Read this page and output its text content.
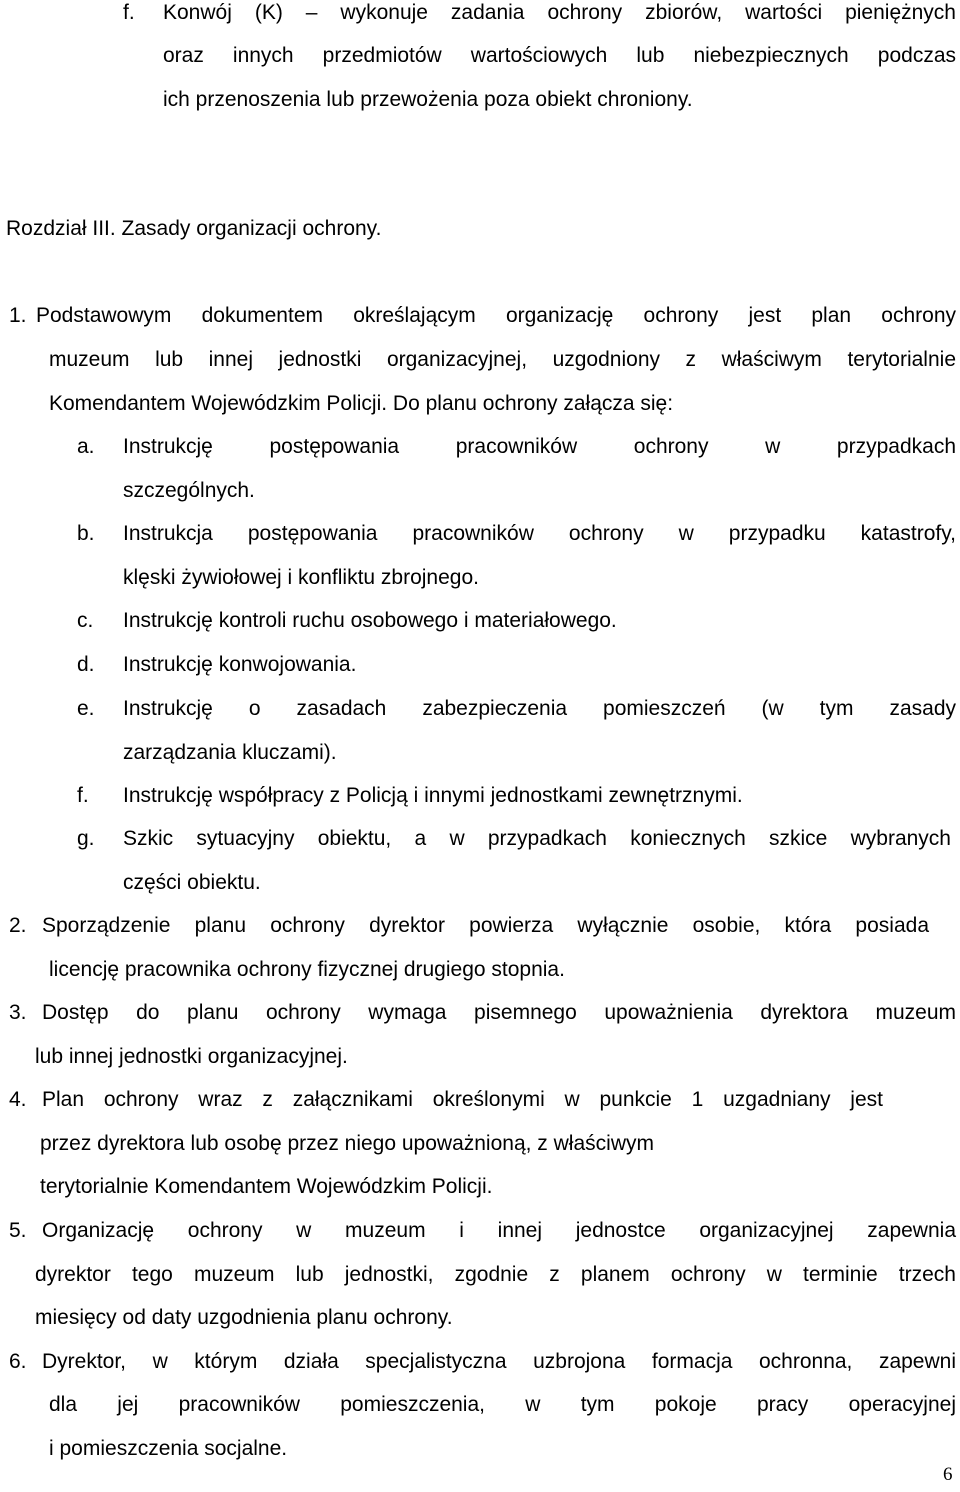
f. Konwój (K) – wykonuje zadania ochrony zbiorów, wartości pieniężnych
oraz innych przedmiotów wartościowych lub niebezpiecznych podczas
ich przenoszenia lub przewożenia poza obiekt chroniony.
Rozdział III. Zasady organizacji ochrony.
1. Podstawowym dokumentem określającym organizację ochrony jest plan ochrony
muzeum lub innej jednostki organizacyjnej, uzgodniony z właściwym terytorialnie
Komendantem Wojewódzkim Policji. Do planu ochrony załącza się:
a. Instrukcję postępowania pracowników ochrony w przypadkach
szczególnych.
b. Instrukcja postępowania pracowników ochrony w przypadku katastrofy,
klęski żywiołowej i konfliktu zbrojnego.
c. Instrukcję kontroli ruchu osobowego i materiałowego.
d. Instrukcję konwojowania.
e. Instrukcję o zasadach zabezpieczenia pomieszczeń (w tym zasady
zarządzania kluczami).
f. Instrukcję współpracy z Policją i innymi jednostkami zewnętrznymi.
g. Szkic sytuacyjny obiektu, a w przypadkach koniecznych szkice wybranych
części obiektu.
2. Sporządzenie planu ochrony dyrektor powierza wyłącznie osobie, która posiada
licencję pracownika ochrony fizycznej drugiego stopnia.
3. Dostęp do planu ochrony wymaga pisemnego upoważnienia dyrektora muzeum
lub innej jednostki organizacyjnej.
4. Plan ochrony wraz z załącznikami określonymi w punkcie 1 uzgadniany jest
przez dyrektora lub osobę przez niego upoważnioną, z właściwym
terytorialnie Komendantem Wojewódzkim Policji.
5. Organizację ochrony w muzeum i innej jednostce organizacyjnej zapewnia
dyrektor tego muzeum lub jednostki, zgodnie z planem ochrony w terminie trzech
miesięcy od daty uzgodnienia planu ochrony.
6. Dyrektor, w którym działa specjalistyczna uzbrojona formacja ochronna, zapewni
dla jej pracowników pomieszczenia, w tym pokoje pracy operacyjnej
i pomieszczenia socjalne.
6
